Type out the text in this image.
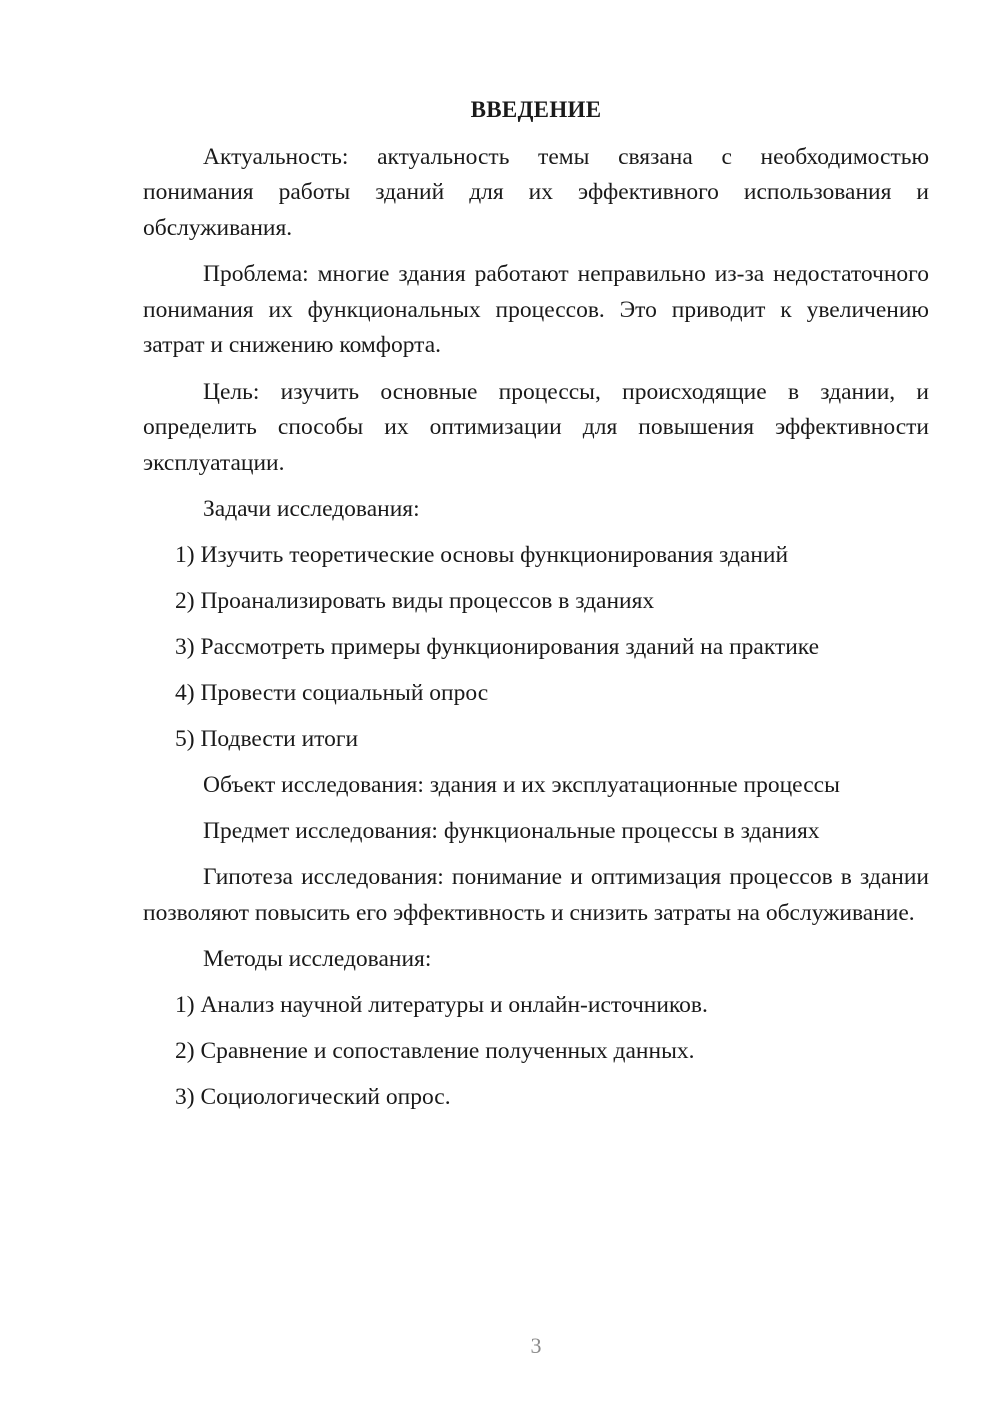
ВВЕДЕНИЕ
Актуальность: актуальность темы связана с необходимостью понимания работы зданий для их эффективного использования и обслуживания.
Проблема: многие здания работают неправильно из-за недостаточного понимания их функциональных процессов. Это приводит к увеличению затрат и снижению комфорта.
Цель: изучить основные процессы, происходящие в здании, и определить способы их оптимизации для повышения эффективности эксплуатации.
Задачи исследования:
1) Изучить теоретические основы функционирования зданий
2) Проанализировать виды процессов в зданиях
3) Рассмотреть примеры функционирования зданий на практике
4) Провести социальный опрос
5) Подвести итоги
Объект исследования: здания и их эксплуатационные процессы
Предмет исследования: функциональные процессы в зданиях
Гипотеза исследования: понимание и оптимизация процессов в здании позволяют повысить его эффективность и снизить затраты на обслуживание.
Методы исследования:
1) Анализ научной литературы и онлайн-источников.
2) Сравнение и сопоставление полученных данных.
3) Социологический опрос.
3
